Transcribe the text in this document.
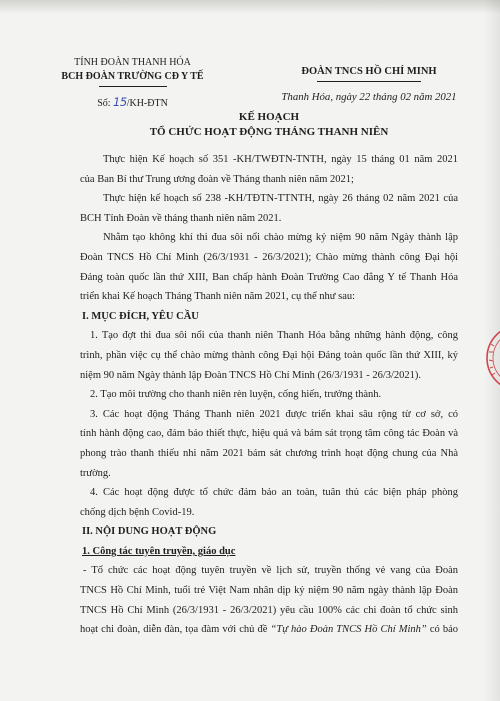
TỈNH ĐOÀN THANH HÓA
BCH ĐOÀN TRƯỜNG CĐ Y TẾ
Số: 15/KH-ĐTN
ĐOÀN TNCS HỒ CHÍ MINH
Thanh Hóa, ngày 22 tháng 02 năm 2021
KẾ HOẠCH
TỔ CHỨC HOẠT ĐỘNG THÁNG THANH NIÊN
Thực hiện Kế hoạch số 351 -KH/TWĐTN-TNTH, ngày 15 tháng 01 năm 2021
của Ban Bí thư Trung ương đoàn về Tháng thanh niên năm 2021;
Thực hiện kế hoạch số 238 -KH/TĐTN-TTNTH, ngày 26 tháng 02 năm 2021 của
BCH Tỉnh Đoàn về tháng thanh niên năm 2021.
Nhằm tạo không khí thi đua sôi nổi chào mừng kỷ niệm 90 năm Ngày thành lập
Đoàn TNCS Hồ Chí Minh (26/3/1931 - 26/3/2021); Chào mừng thành công Đại hội
Đảng toàn quốc lần thứ XIII, Ban chấp hành Đoàn Trường Cao đẳng Y tế Thanh Hóa
triển khai Kế hoạch Tháng Thanh niên năm 2021, cụ thể như sau:
I. MỤC ĐÍCH, YÊU CẦU
1. Tạo đợt thi đua sôi nổi của thanh niên Thanh Hóa bằng những hành động, công
trình, phần việc cụ thể chào mừng thành công Đại hội Đảng toàn quốc lần thứ XIII, kỷ
niệm 90 năm Ngày thành lập Đoàn TNCS Hồ Chí Minh (26/3/1931 - 26/3/2021).
2. Tạo môi trường cho thanh niên rèn luyện, cống hiến, trưởng thành.
3. Các hoạt động Tháng Thanh niên 2021 được triển khai sâu rộng từ cơ sở, có
tính hành động cao, đảm bảo thiết thực, hiệu quả và bám sát trọng tâm công tác Đoàn và
phong trào thanh thiếu nhi năm 2021 bám sát chương trình hoạt động chung của Nhà
trường.
4. Các hoạt động được tổ chức đảm bảo an toàn, tuân thủ các biện pháp phòng
chống dịch bệnh Covid-19.
II. NỘI DUNG HOẠT ĐỘNG
1. Công tác tuyên truyền, giáo dục
- Tổ chức các hoạt động tuyên truyền về lịch sử, truyền thống vẻ vang của Đoàn
TNCS Hồ Chí Minh, tuổi trẻ Việt Nam nhân dịp kỷ niệm 90 năm ngày thành lập Đoàn
TNCS Hồ Chí Minh (26/3/1931 - 26/3/2021) yêu cầu 100% các chi đoàn tổ chức sinh
hoạt chi đoàn, diễn đàn, tọa đàm với chủ đề “Tự hào Đoàn TNCS Hồ Chí Minh” có bảo
